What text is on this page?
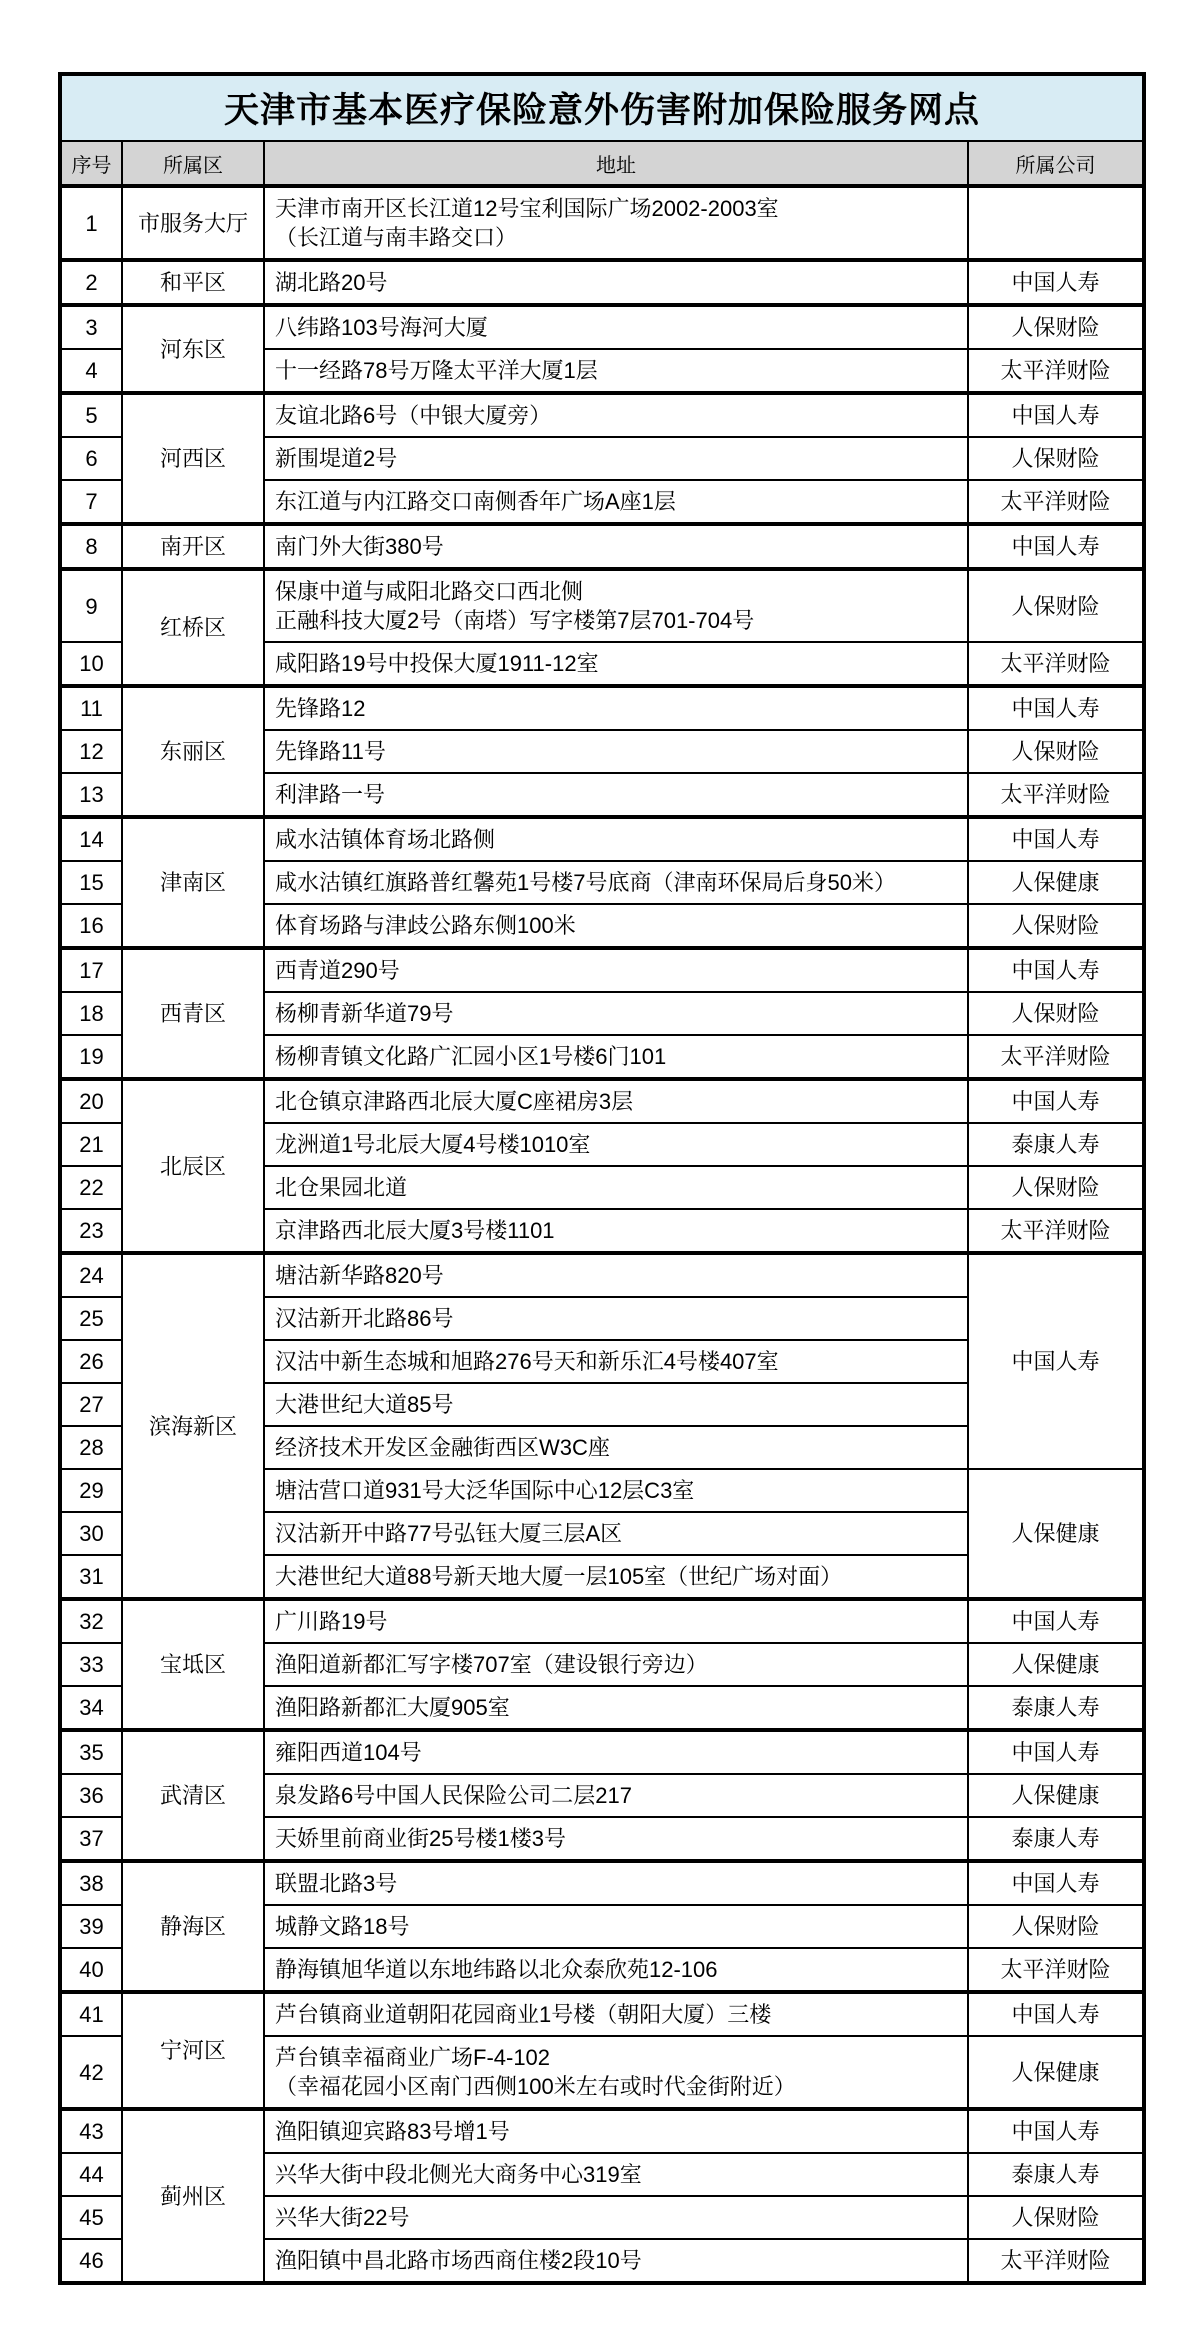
天津市基本医疗保险意外伤害附加保险服务网点			
序号	所属区	地址	所属公司
1	市服务大厅	天津市南开区长江道12号宝利国际广场2002-2003室
（长江道与南丰路交口）	

2	和平区	湖北路20号	中国人寿
3	河东区	八纬路103号海河大厦	人保财险
4		十一经路78号万隆太平洋大厦1层	太平洋财险
5	河西区	友谊北路6号（中银大厦旁）	中国人寿
6		新围堤道2号	人保财险
7		东江道与内江路交口南侧香年广场A座1层	太平洋财险
8	南开区	南门外大街380号	中国人寿
9	红桥区	保康中道与咸阳北路交口西北侧
正融科技大厦2号（南塔）写字楼第7层701-704号	人保财险
10		咸阳路19号中投保大厦1911-12室	太平洋财险
11	东丽区	先锋路12	中国人寿
12		先锋路11号	人保财险
13		利津路一号	太平洋财险
14	津南区	咸水沽镇体育场北路侧	中国人寿
15		咸水沽镇红旗路普红馨苑1号楼7号底商（津南环保局后身50米）	人保健康
16		体育场路与津歧公路东侧100米	人保财险
17	西青区	西青道290号	中国人寿
18		杨柳青新华道79号	人保财险
19		杨柳青镇文化路广汇园小区1号楼6门101	太平洋财险
20	北辰区	北仓镇京津路西北辰大厦C座裙房3层	中国人寿
21		龙洲道1号北辰大厦4号楼1010室	泰康人寿
22		北仓果园北道	人保财险
23		京津路西北辰大厦3号楼1101	太平洋财险
24	滨海新区	塘沽新华路820号	中国人寿
25		汉沽新开北路86号	

26		汉沽中新生态城和旭路276号天和新乐汇4号楼407室	

27		大港世纪大道85号	

28		经济技术开发区金融街西区W3C座	

29		塘沽营口道931号大泛华国际中心12层C3室	人保健康
30		汉沽新开中路77号弘钰大厦三层A区	

31		大港世纪大道88号新天地大厦一层105室（世纪广场对面）	

32	宝坻区	广川路19号	中国人寿
33		渔阳道新都汇写字楼707室（建设银行旁边）	人保健康
34		渔阳路新都汇大厦905室	泰康人寿
35	武清区	雍阳西道104号	中国人寿
36		泉发路6号中国人民保险公司二层217	人保健康
37		天娇里前商业街25号楼1楼3号	泰康人寿
38	静海区	联盟北路3号	中国人寿
39		城静文路18号	人保财险
40		静海镇旭华道以东地纬路以北众泰欣苑12-106	太平洋财险
41	宁河区	芦台镇商业道朝阳花园商业1号楼（朝阳大厦）三楼	中国人寿
42		芦台镇幸福商业广场F-4-102
（幸福花园小区南门西侧100米左右或时代金街附近）	人保健康
43	蓟州区	渔阳镇迎宾路83号增1号	中国人寿
44		兴华大街中段北侧光大商务中心319室	泰康人寿
45		兴华大街22号	人保财险
46		渔阳镇中昌北路市场西商住楼2段10号	太平洋财险
